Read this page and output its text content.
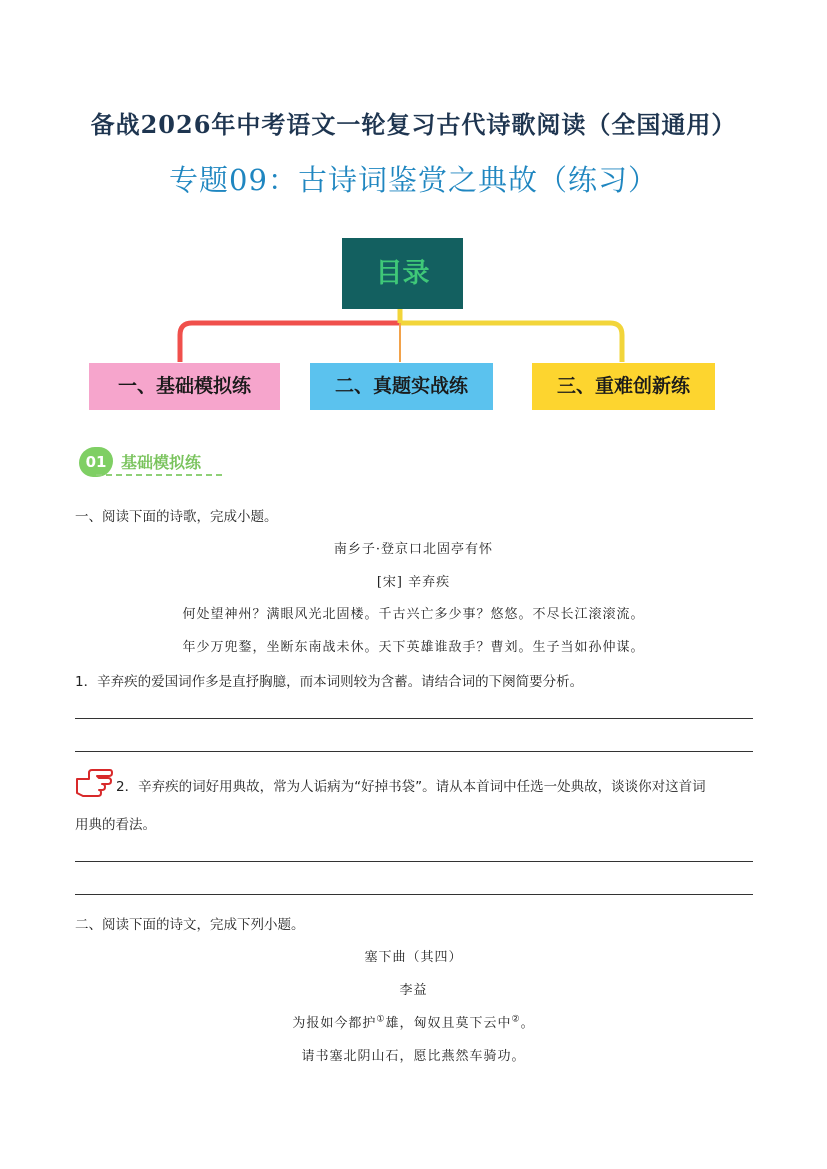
备战2026年中考语文一轮复习古代诗歌阅读（全国通用）
专题09：古诗词鉴赏之典故（练习）
目录
一、基础模拟练	二、真题实战练	三、重难创新练
01 基础模拟练
一、阅读下面的诗歌，完成小题。
南乡子·登京口北固亭有怀
[宋] 辛弃疾
何处望神州？满眼风光北固楼。千古兴亡多少事？悠悠。不尽长江滚滚流。
年少万兜鍪，坐断东南战未休。天下英雄谁敌手？曹刘。生子当如孙仲谋。
1．辛弃疾的爱国词作多是直抒胸臆，而本词则较为含蓄。请结合词的下阕简要分析。
2．辛弃疾的词好用典故，常为人诟病为“好掉书袋”。请从本首词中任选一处典故，谈谈你对这首词
用典的看法。
二、阅读下面的诗文，完成下列小题。
塞下曲（其四）
李益
为报如今都护①雄，匈奴且莫下云中②。
请书塞北阴山石，愿比燕然车骑功。
